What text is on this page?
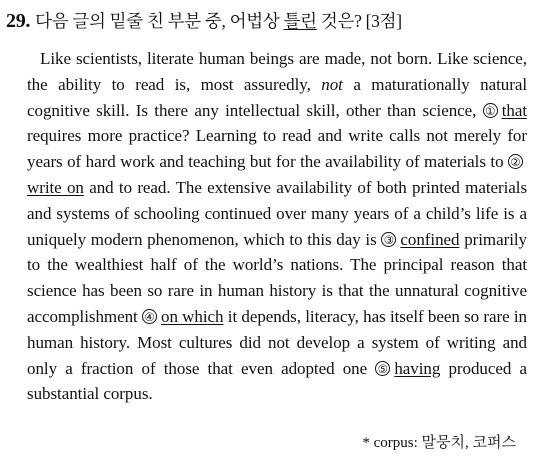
29. 다음 글의 밑줄 친 부분 중, 어법상 틀린 것은? [3점]
Like scientists, literate human beings are made, not born. Like science, the ability to read is, most assuredly, not a maturationally natural cognitive skill. Is there any intellectual skill, other than science, ① that requires more practice? Learning to read and write calls not merely for years of hard work and teaching but for the availability of materials to ②write on and to read. The extensive availability of both printed materials and systems of schooling continued over many years of a child’s life is a uniquely modern phenomenon, which to this day is ③ confined primarily to the wealthiest half of the world’s nations. The principal reason that science has been so rare in human history is that the unnatural cognitive accomplishment ④ on which it depends, literacy, has itself been so rare in human history. Most cultures did not develop a system of writing and only a fraction of those that even adopted one ⑤ having produced a substantial corpus.
* corpus: 말뭉치, 코퍼스
